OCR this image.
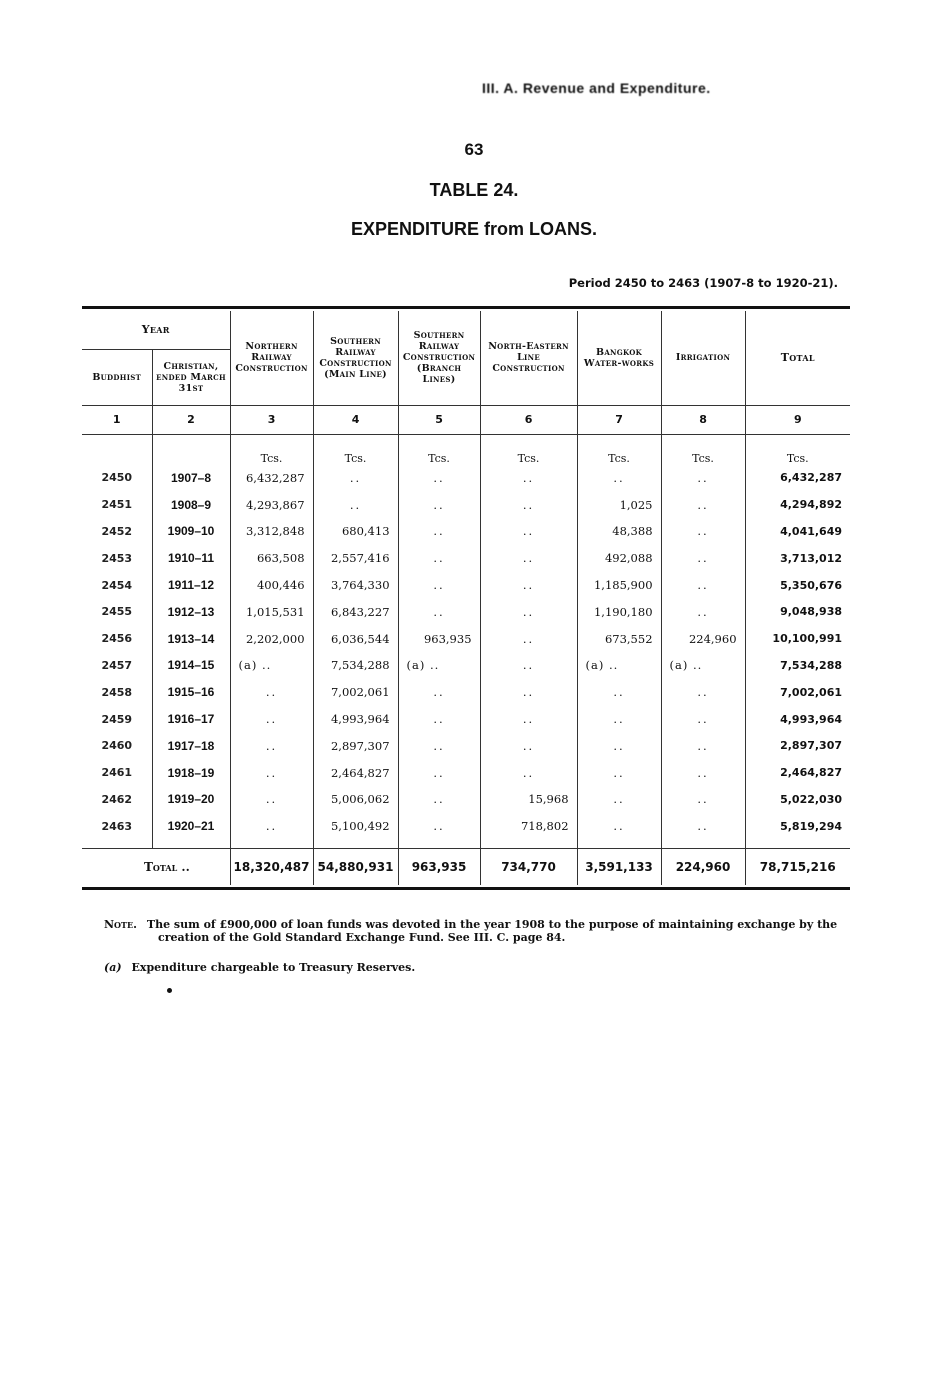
III. A. Revenue and Expenditure.
63
TABLE 24.
EXPENDITURE from LOANS.
Period 2450 to 2463 (1907-8 to 1920-21).
Year		Northern Railway Construction	Southern Railway Construction (Main Line)	Southern Railway Construction (Branch Lines)	North-Eastern Line Construction	Bangkok Water-works	Irrigation	Total
Buddhist	Christian, ended March 31st							
1	2	3	4	5	6	7	8	9
		Tcs.	Tcs.	Tcs.	Tcs.	Tcs.	Tcs.	Tcs.
2450	1907–8	6,432,287	..	..	..	..	..	6,432,287
2451	1908–9	4,293,867	..	..	..	1,025	..	4,294,892
2452	1909–10	3,312,848	680,413	..	..	48,388	..	4,041,649
2453	1910–11	663,508	2,557,416	..	..	492,088	..	3,713,012
2454	1911–12	400,446	3,764,330	..	..	1,185,900	..	5,350,676
2455	1912–13	1,015,531	6,843,227	..	..	1,190,180	..	9,048,938
2456	1913–14	2,202,000	6,036,544	963,935	..	673,552	224,960	10,100,991
2457	1914–15	(a) ..	7,534,288	(a) ..	..	(a) ..	(a) ..	7,534,288
2458	1915–16	..	7,002,061	..	..	..	..	7,002,061
2459	1916–17	..	4,993,964	..	..	..	..	4,993,964
2460	1917–18	..	2,897,307	..	..	..	..	2,897,307
2461	1918–19	..	2,464,827	..	..	..	..	2,464,827
2462	1919–20	..	5,006,062	..	15,968	..	..	5,022,030
2463	1920–21	..	5,100,492	..	718,802	..	..	5,819,294

Total ..		18,320,487	54,880,931	963,935	734,770	3,591,133	224,960	78,715,216
Note. The sum of £900,000 of loan funds was devoted in the year 1908 to the purpose of maintaining exchange by the
creation of the Gold Standard Exchange Fund. See III. C. page 84.
(a) Expenditure chargeable to Treasury Reserves.
